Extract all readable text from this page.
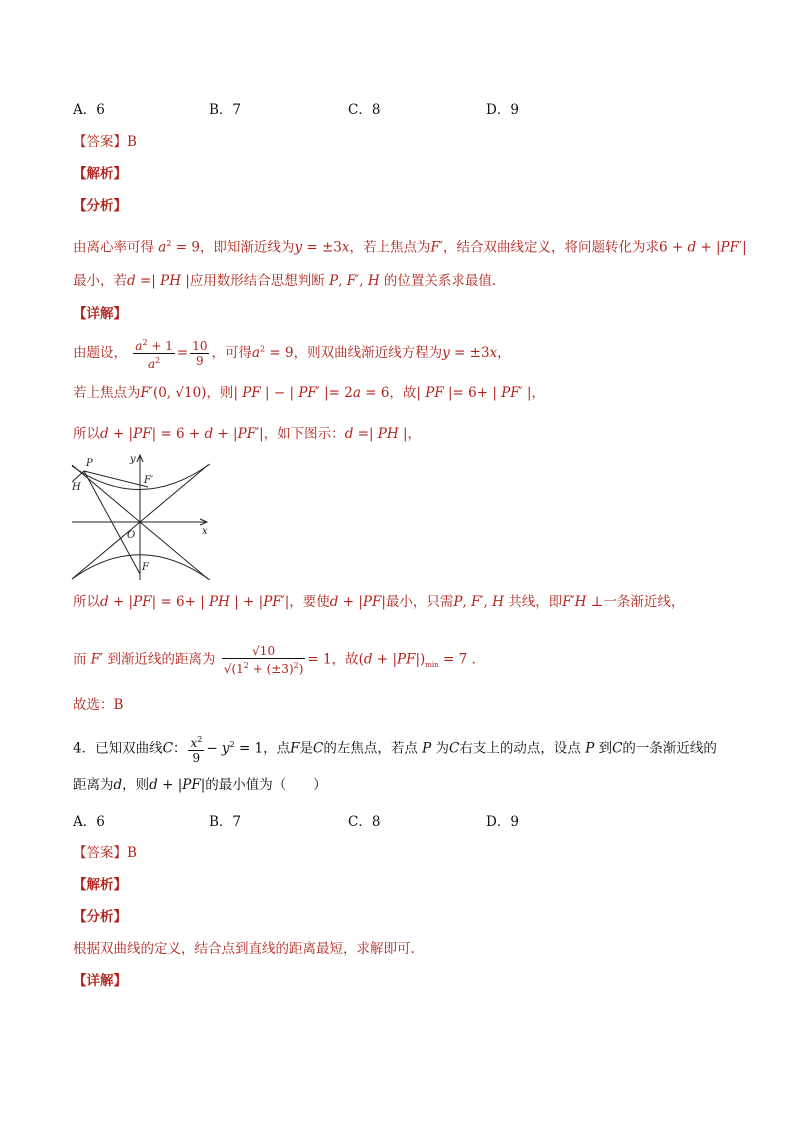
A．6	B．7	C．8	D．9
【答案】B
【解析】
【分析】
由离心率可得 $a^2 = 9$，即知渐近线为y = ±3x，若上焦点为F′，结合双曲线定义，将问题转化为求6 + d + |PF′|
最小，若d =| PH |应用数形结合思想判断 P, F′, H 的位置关系求最值.
【详解】
由题设， $\frac{a^2 + 1}{a^2} = \frac{10}{9}$ ，可得$a^2 = 9$，则双曲线渐近线方程为y = ±3x，
若上焦点为F′(0, √10)，则| PF | − | PF′ |= 2a = 6，故| PF |= 6+ | PF′ |，
所以d + |PF| = 6 + d + |PF′|，如下图示：d =| PH |，
P
H
F′
O
F
x
y
所以d + |PF| = 6+ | PH | + |PF′|，要使d + |PF|最小，只需P, F′, H 共线，即F′H ⊥一条渐近线，
而 F′ 到渐近线的距离为 $\frac{√10}{√(1^2 + (\pm 3)^2)} = 1$，故$(d + |PF|)_{min} = 7$ .
故选：B
4．已知双曲线C： $\frac{x^2}{9} - y^2 = 1$，点F是C的左焦点，若点 P 为C右支上的动点，设点 P 到C的一条渐近线的
距离为d，则d + |PF|的最小值为（　　）
A．6	B．7	C．8	D．9
【答案】B
【解析】
【分析】
根据双曲线的定义，结合点到直线的距离最短，求解即可.
【详解】
